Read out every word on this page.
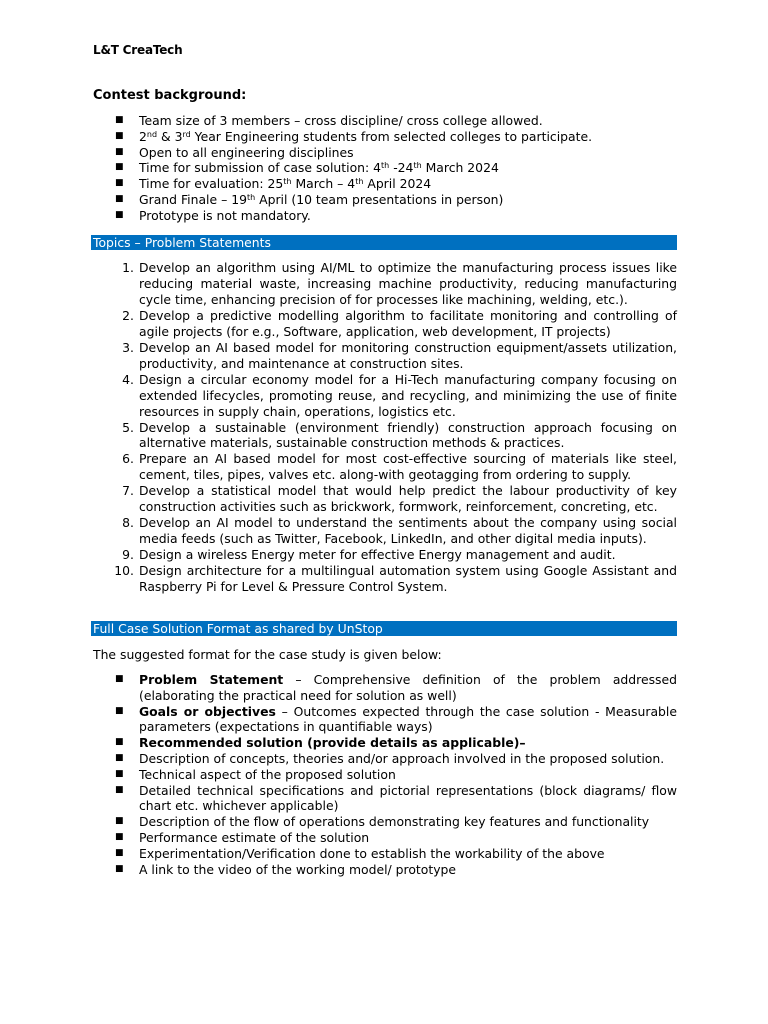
L&T CreaTech
Contest background:
■ Team size of 3 members – cross discipline/ cross college allowed.
■ 2nd & 3rd Year Engineering students from selected colleges to participate.
■ Open to all engineering disciplines
■ Time for submission of case solution: 4th -24th March 2024
■ Time for evaluation: 25th March – 4th April 2024
■ Grand Finale – 19th April (10 team presentations in person)
■ Prototype is not mandatory.
Topics – Problem Statements
1. Develop an algorithm using AI/ML to optimize the manufacturing process issues like reducing material waste, increasing machine productivity, reducing manufacturing cycle time, enhancing precision of for processes like machining, welding, etc.).
2. Develop a predictive modelling algorithm to facilitate monitoring and controlling of agile projects (for e.g., Software, application, web development, IT projects)
3. Develop an AI based model for monitoring construction equipment/assets utilization, productivity, and maintenance at construction sites.
4. Design a circular economy model for a Hi-Tech manufacturing company focusing on extended lifecycles, promoting reuse, and recycling, and minimizing the use of finite resources in supply chain, operations, logistics etc.
5. Develop a sustainable (environment friendly) construction approach focusing on alternative materials, sustainable construction methods & practices.
6. Prepare an AI based model for most cost-effective sourcing of materials like steel, cement, tiles, pipes, valves etc. along-with geotagging from ordering to supply.
7. Develop a statistical model that would help predict the labour productivity of key construction activities such as brickwork, formwork, reinforcement, concreting, etc.
8. Develop an AI model to understand the sentiments about the company using social media feeds (such as Twitter, Facebook, LinkedIn, and other digital media inputs).
9. Design a wireless Energy meter for effective Energy management and audit.
10. Design architecture for a multilingual automation system using Google Assistant and Raspberry Pi for Level & Pressure Control System.
Full Case Solution Format as shared by UnStop
The suggested format for the case study is given below:
■ Problem Statement – Comprehensive definition of the problem addressed (elaborating the practical need for solution as well)
■ Goals or objectives – Outcomes expected through the case solution - Measurable parameters (expectations in quantifiable ways)
■ Recommended solution (provide details as applicable)–
■ Description of concepts, theories and/or approach involved in the proposed solution.
■ Technical aspect of the proposed solution
■ Detailed technical specifications and pictorial representations (block diagrams/ flow chart etc. whichever applicable)
■ Description of the flow of operations demonstrating key features and functionality
■ Performance estimate of the solution
■ Experimentation/Verification done to establish the workability of the above
■ A link to the video of the working model/ prototype
